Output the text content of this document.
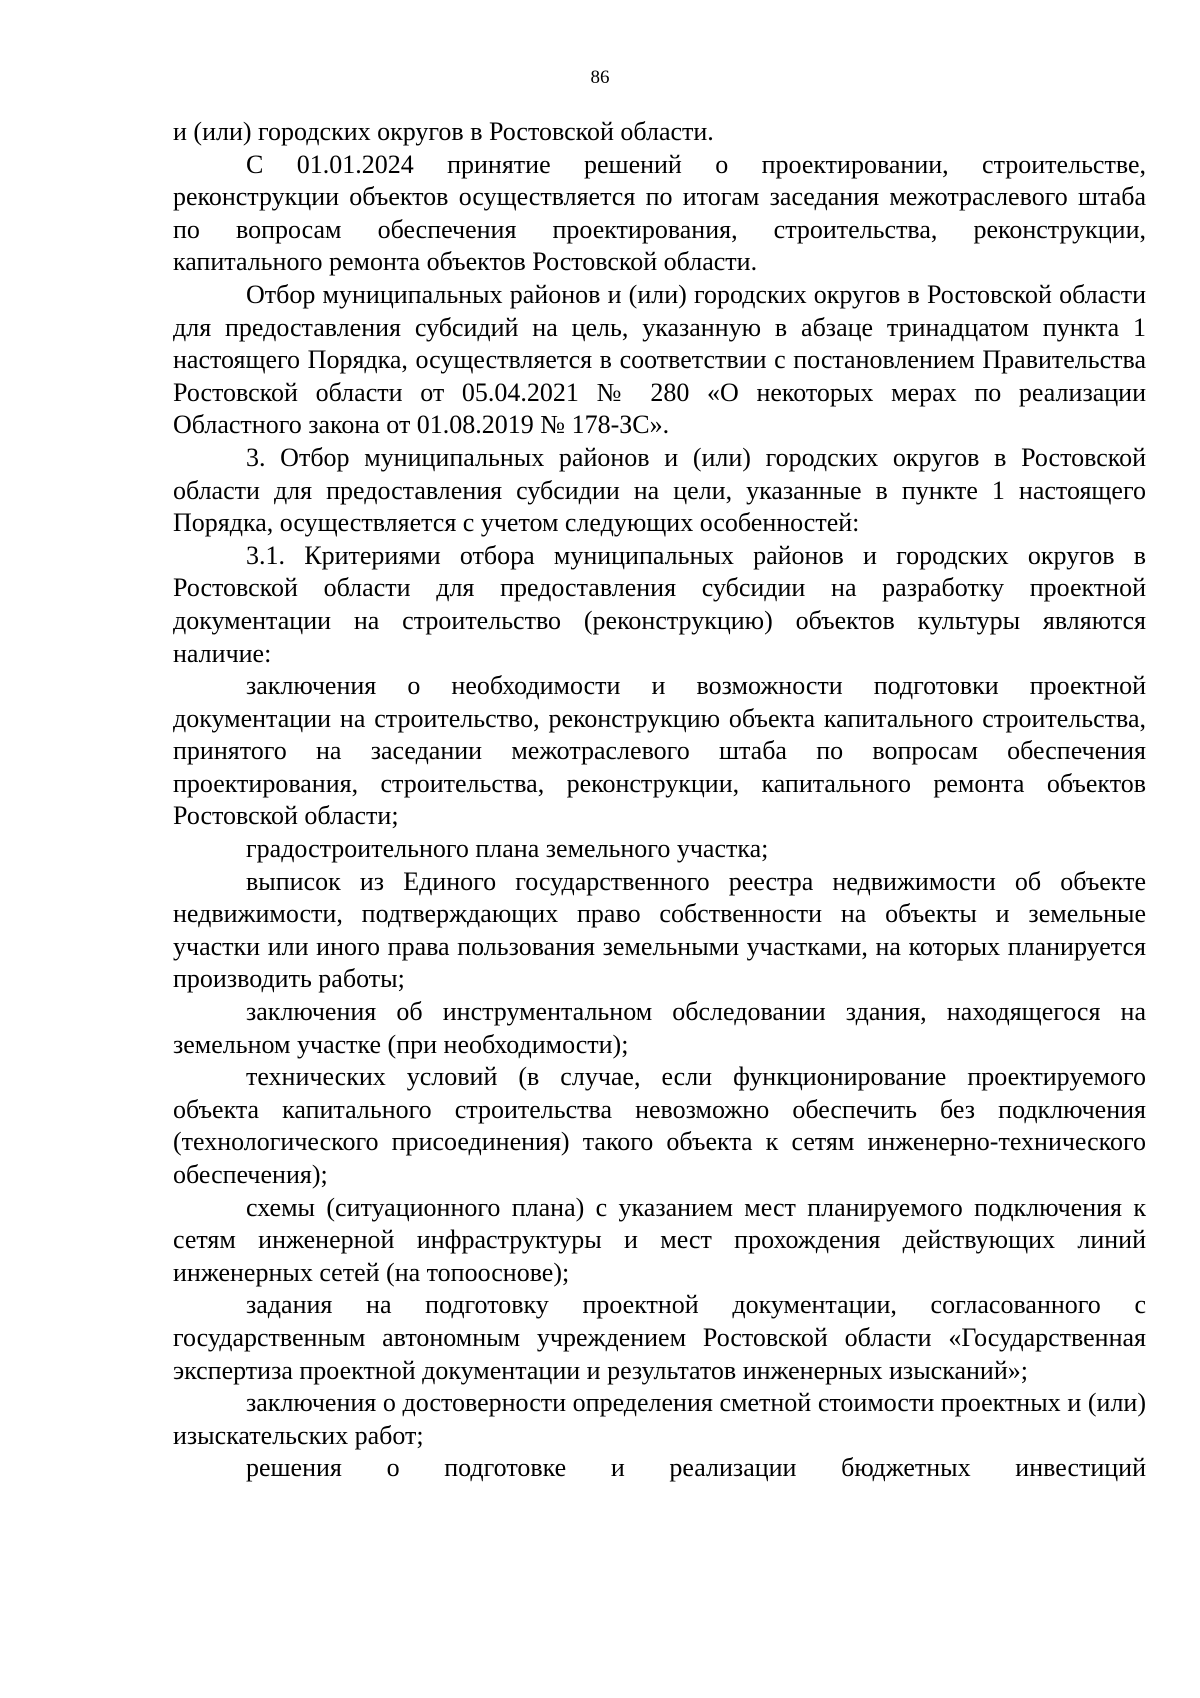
86

и (или) городских округов в Ростовской области.

С 01.01.2024 принятие решений о проектировании, строительстве, реконструкции объектов осуществляется по итогам заседания межотраслевого штаба по вопросам обеспечения проектирования, строительства, реконструкции, капитального ремонта объектов Ростовской области.

Отбор муниципальных районов и (или) городских округов в Ростовской области для предоставления субсидий на цель, указанную в абзаце тринадцатом пункта 1 настоящего Порядка, осуществляется в соответствии с постановлением Правительства Ростовской области от 05.04.2021 № 280 «О некоторых мерах по реализации Областного закона от 01.08.2019 № 178-ЗС».

3. Отбор муниципальных районов и (или) городских округов в Ростовской области для предоставления субсидии на цели, указанные в пункте 1 настоящего Порядка, осуществляется с учетом следующих особенностей:

3.1. Критериями отбора муниципальных районов и городских округов в Ростовской области для предоставления субсидии на разработку проектной документации на строительство (реконструкцию) объектов культуры являются наличие:

заключения о необходимости и возможности подготовки проектной документации на строительство, реконструкцию объекта капитального строительства, принятого на заседании межотраслевого штаба по вопросам обеспечения проектирования, строительства, реконструкции, капитального ремонта объектов Ростовской области;

градостроительного плана земельного участка;

выписок из Единого государственного реестра недвижимости об объекте недвижимости, подтверждающих право собственности на объекты и земельные участки или иного права пользования земельными участками, на которых планируется производить работы;

заключения об инструментальном обследовании здания, находящегося на земельном участке (при необходимости);

технических условий (в случае, если функционирование проектируемого объекта капитального строительства невозможно обеспечить без подключения (технологического присоединения) такого объекта к сетям инженерно-технического обеспечения);

схемы (ситуационного плана) с указанием мест планируемого подключения к сетям инженерной инфраструктуры и мест прохождения действующих линий инженерных сетей (на топооснове);

задания на подготовку проектной документации, согласованного с государственным автономным учреждением Ростовской области «Государственная экспертиза проектной документации и результатов инженерных изысканий»;

заключения о достоверности определения сметной стоимости проектных и (или) изыскательских работ;

решения о подготовке и реализации бюджетных инвестиций
